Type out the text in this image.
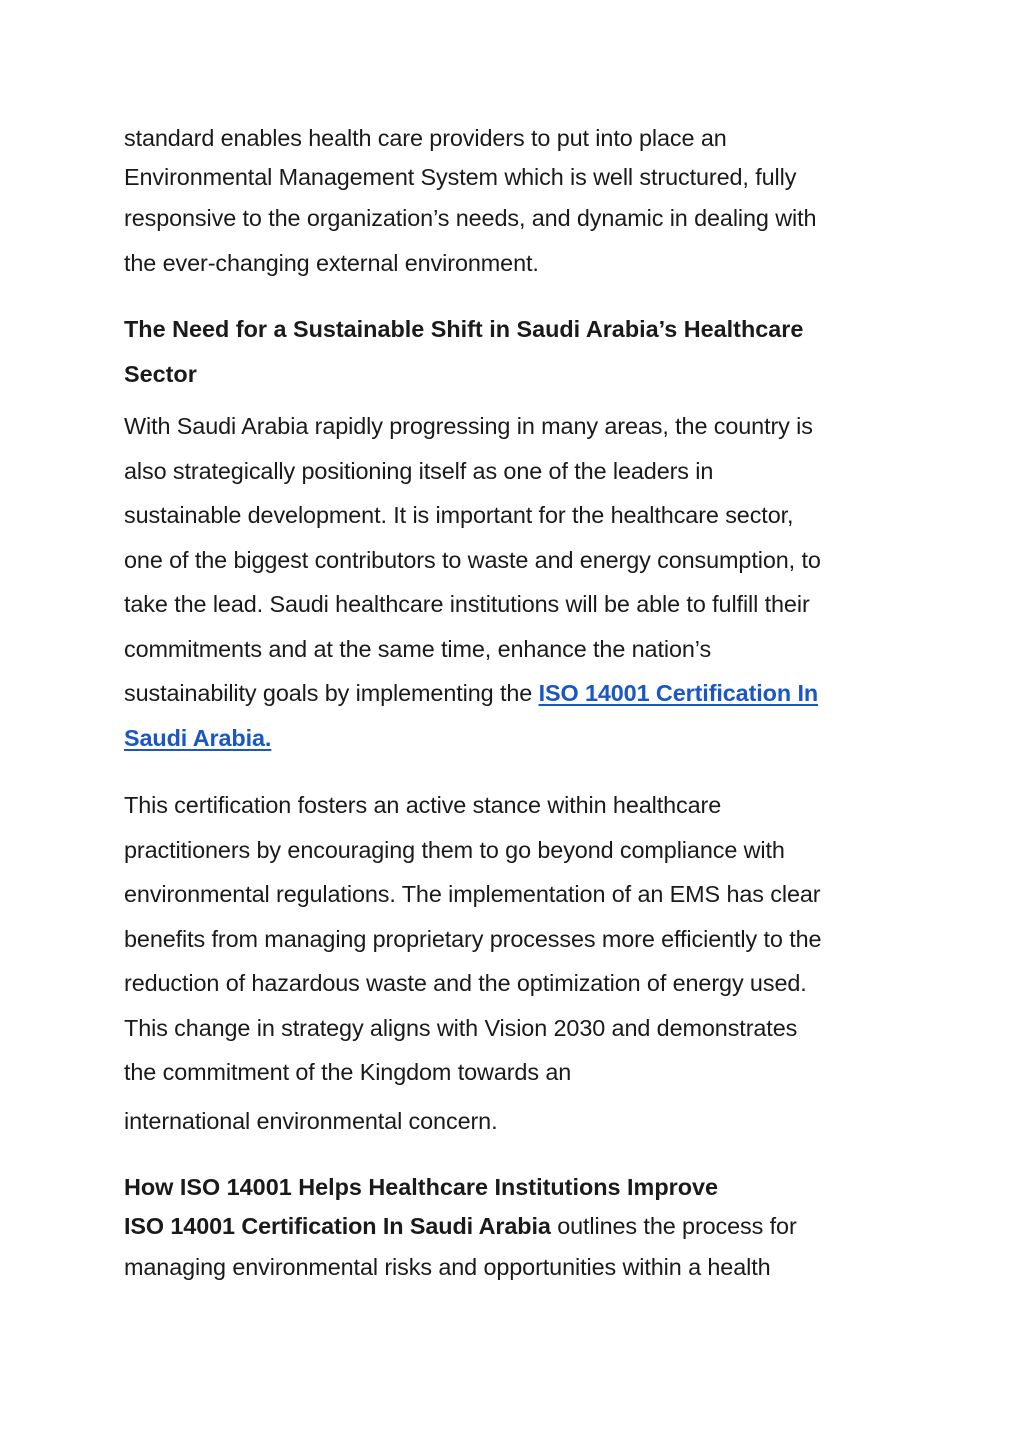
standard enables health care providers to put into place an
Environmental Management System which is well structured, fully
responsive to the organization’s needs, and dynamic in dealing with
the ever-changing external environment.

The Need for a Sustainable Shift in Saudi Arabia’s Healthcare
Sector

With Saudi Arabia rapidly progressing in many areas, the country is
also strategically positioning itself as one of the leaders in
sustainable development. It is important for the healthcare sector,
one of the biggest contributors to waste and energy consumption, to
take the lead. Saudi healthcare institutions will be able to fulfill their
commitments and at the same time, enhance the nation’s
sustainability goals by implementing the ISO 14001 Certification In
Saudi Arabia.

This certification fosters an active stance within healthcare
practitioners by encouraging them to go beyond compliance with
environmental regulations. The implementation of an EMS has clear
benefits from managing proprietary processes more efficiently to the
reduction of hazardous waste and the optimization of energy used.
This change in strategy aligns with Vision 2030 and demonstrates
the commitment of the Kingdom towards an
international environmental concern.

How ISO 14001 Helps Healthcare Institutions Improve

ISO 14001 Certification In Saudi Arabia outlines the process for
managing environmental risks and opportunities within a health
